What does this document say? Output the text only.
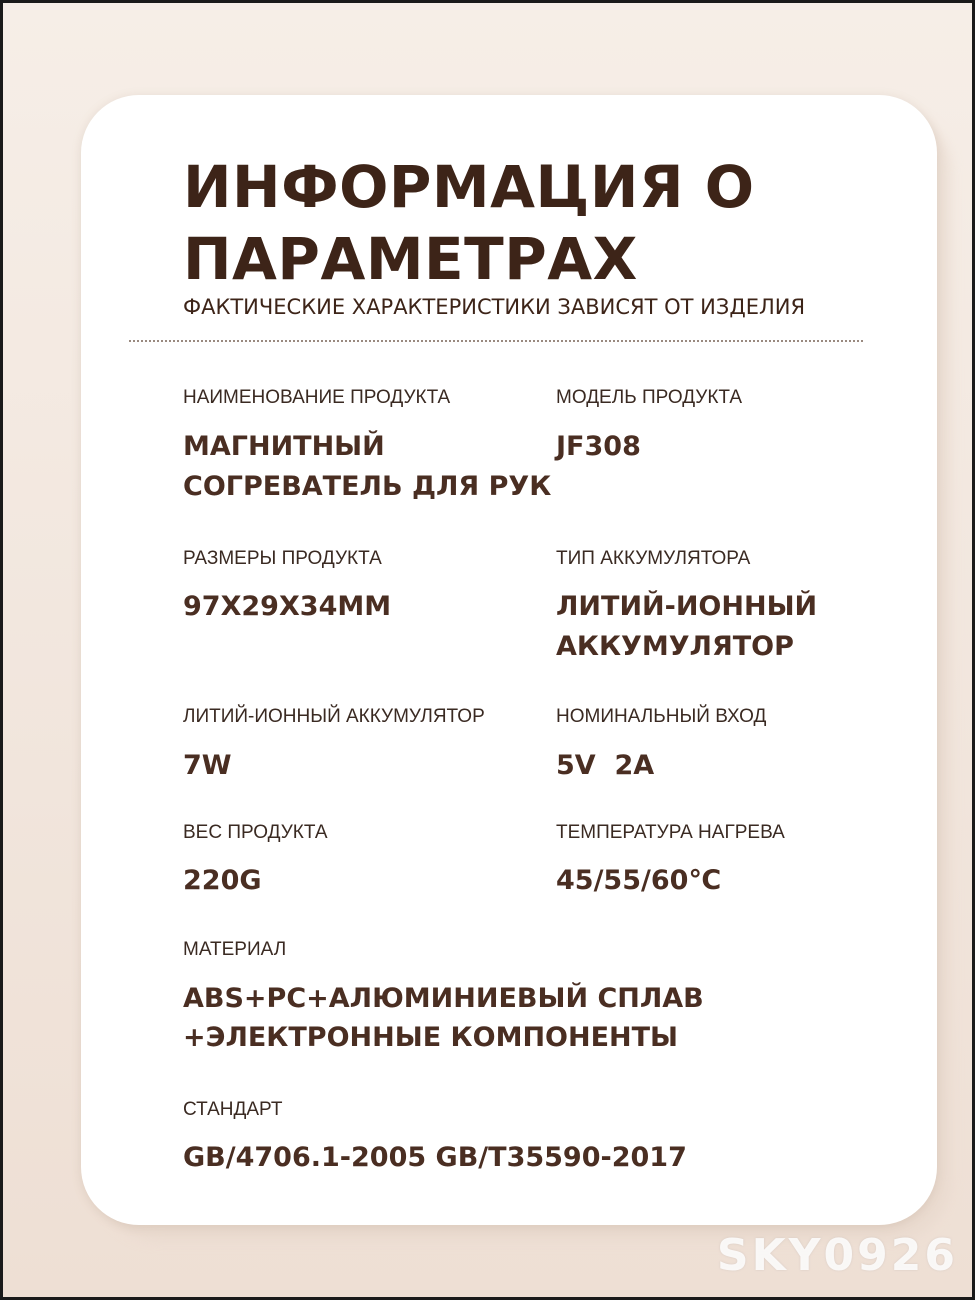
ИНФОРМАЦИЯ О ПАРАМЕТРАХ
ФАКТИЧЕСКИЕ ХАРАКТЕРИСТИКИ ЗАВИСЯТ ОТ ИЗДЕЛИЯ
НАИМЕНОВАНИЕ ПРОДУКТА
МАГНИТНЫЙ
СОГРЕВАТЕЛЬ ДЛЯ РУК
МОДЕЛЬ ПРОДУКТА
JF308
РАЗМЕРЫ ПРОДУКТА
97X29X34MM
ТИП АККУМУЛЯТОРА
ЛИТИЙ-ИОННЫЙ
АККУМУЛЯТОР
ЛИТИЙ-ИОННЫЙ АККУМУЛЯТОР
7W
НОМИНАЛЬНЫЙ ВХОД
5V  2A
ВЕС ПРОДУКТА
220G
ТЕМПЕРАТУРА НАГРЕВА
45/55/60℃
МАТЕРИАЛ
ABS+PC+АЛЮМИНИЕВЫЙ СПЛАВ
+ЭЛЕКТРОННЫЕ КОМПОНЕНТЫ
СТАНДАРТ
GB/4706.1-2005 GB/T35590-2017
SKY0926
